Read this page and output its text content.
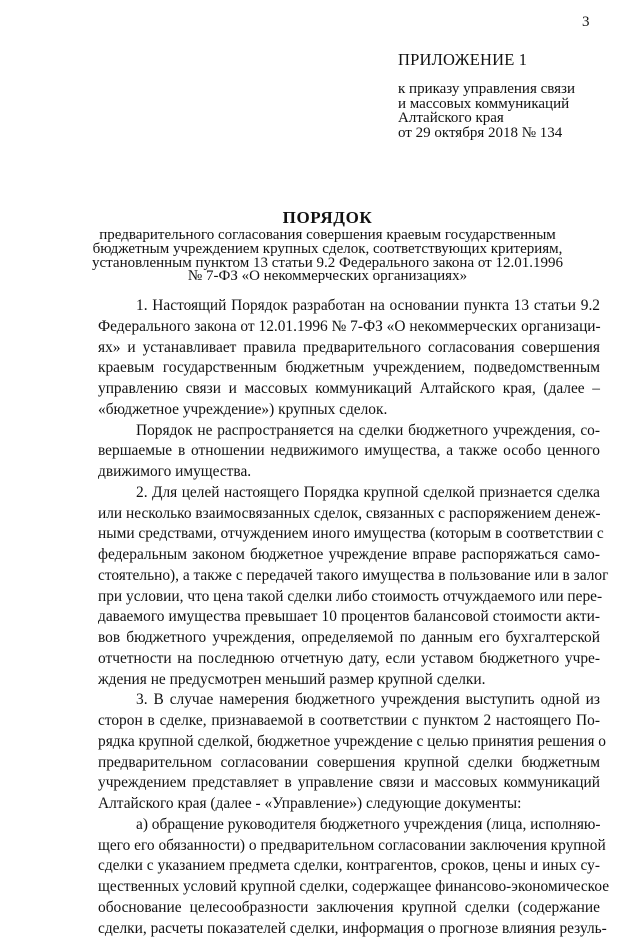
3
ПРИЛОЖЕНИЕ 1
к приказу управления связи
и массовых коммуникаций
Алтайского края
от 29 октября 2018 № 134
ПОРЯДОК
предварительного согласования совершения краевым государственным
бюджетным учреждением крупных сделок, соответствующих критериям,
установленным пунктом 13 статьи 9.2 Федерального закона от 12.01.1996
№ 7-ФЗ «О некоммерческих организациях»
1. Настоящий Порядок разработан на основании пункта 13 статьи 9.2
Федерального закона от 12.01.1996 № 7-ФЗ «О некоммерческих организаци-
ях» и устанавливает правила предварительного согласования совершения
краевым государственным бюджетным учреждением, подведомственным
управлению связи и массовых коммуникаций Алтайского края, (далее –
«бюджетное учреждение») крупных сделок.
Порядок не распространяется на сделки бюджетного учреждения, со-
вершаемые в отношении недвижимого имущества, а также особо ценного
движимого имущества.
2. Для целей настоящего Порядка крупной сделкой признается сделка
или несколько взаимосвязанных сделок, связанных с распоряжением денеж-
ными средствами, отчуждением иного имущества (которым в соответствии с
федеральным законом бюджетное учреждение вправе распоряжаться само-
стоятельно), а также с передачей такого имущества в пользование или в залог
при условии, что цена такой сделки либо стоимость отчуждаемого или пере-
даваемого имущества превышает 10 процентов балансовой стоимости акти-
вов бюджетного учреждения, определяемой по данным его бухгалтерской
отчетности на последнюю отчетную дату, если уставом бюджетного учре-
ждения не предусмотрен меньший размер крупной сделки.
3. В случае намерения бюджетного учреждения выступить одной из
сторон в сделке, признаваемой в соответствии с пунктом 2 настоящего По-
рядка крупной сделкой, бюджетное учреждение с целью принятия решения о
предварительном согласовании совершения крупной сделки бюджетным
учреждением представляет в управление связи и массовых коммуникаций
Алтайского края (далее - «Управление») следующие документы:
а) обращение руководителя бюджетного учреждения (лица, исполняю-
щего его обязанности) о предварительном согласовании заключения крупной
сделки с указанием предмета сделки, контрагентов, сроков, цены и иных су-
щественных условий крупной сделки, содержащее финансово-экономическое
обоснование целесообразности заключения крупной сделки (содержание
сделки, расчеты показателей сделки, информация о прогнозе влияния резуль-
